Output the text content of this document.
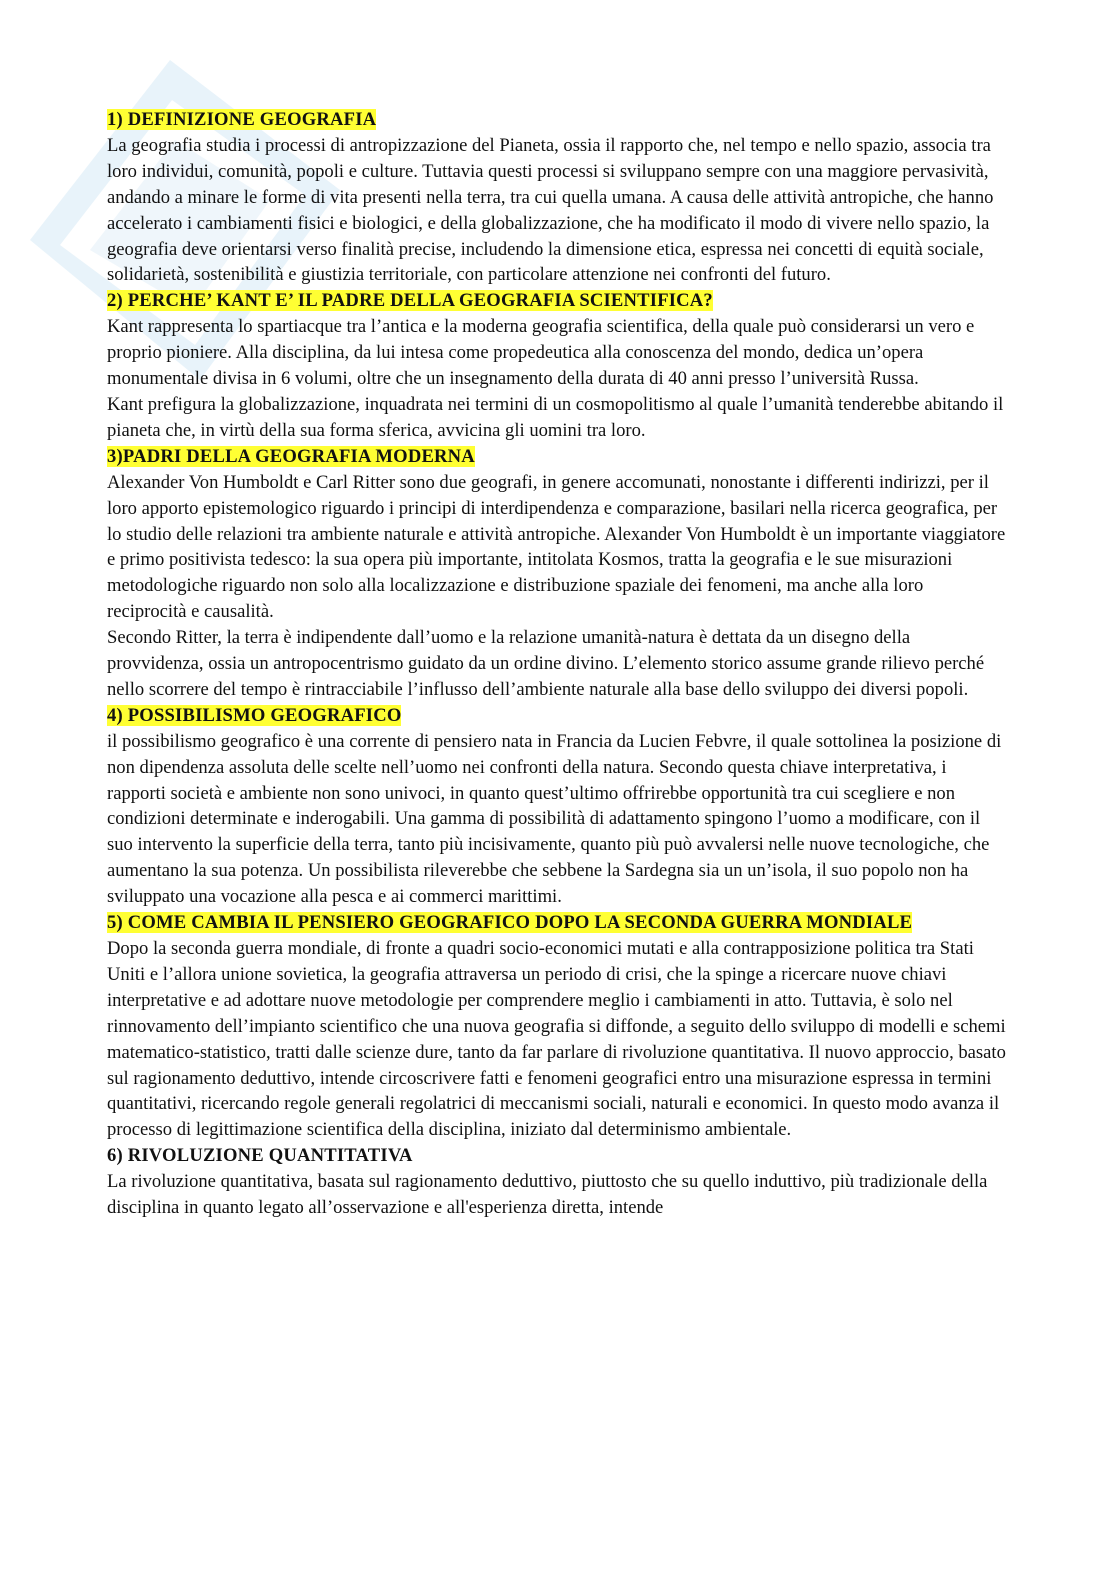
1) DEFINIZIONE GEOGRAFIA

La geografia studia i processi di antropizzazione del Pianeta, ossia il rapporto che, nel tempo e nello spazio, associa tra loro individui, comunità, popoli e culture. Tuttavia questi processi si sviluppano sempre con una maggiore pervasività, andando a minare le forme di vita presenti nella terra, tra cui quella umana. A causa delle attività antropiche, che hanno accelerato i cambiamenti fisici e biologici, e della globalizzazione, che ha modificato il modo di vivere nello spazio, la geografia deve orientarsi verso finalità precise, includendo la dimensione etica, espressa nei concetti di equità sociale, solidarietà, sostenibilità e giustizia territoriale, con particolare attenzione nei confronti del futuro.

2) PERCHE’ KANT E’ IL PADRE DELLA GEOGRAFIA SCIENTIFICA?

Kant rappresenta lo spartiacque tra l’antica e la moderna geografia scientifica, della quale può considerarsi un vero e proprio pioniere. Alla disciplina, da lui intesa come propedeutica alla conoscenza del mondo, dedica un’opera monumentale divisa in 6 volumi, oltre che un insegnamento della durata di 40 anni presso l’università Russa.

Kant prefigura la globalizzazione, inquadrata nei termini di un cosmopolitismo al quale l’umanità tenderebbe abitando il pianeta che, in virtù della sua forma sferica, avvicina gli uomini tra loro.

3)PADRI DELLA GEOGRAFIA MODERNA

Alexander Von Humboldt e Carl Ritter sono due geografi, in genere accomunati, nonostante i differenti indirizzi, per il loro apporto epistemologico riguardo i principi di interdipendenza e comparazione, basilari nella ricerca geografica, per lo studio delle relazioni tra ambiente naturale e attività antropiche. Alexander Von Humboldt è un importante viaggiatore e primo positivista tedesco: la sua opera più importante, intitolata Kosmos, tratta la geografia e le sue misurazioni metodologiche riguardo non solo alla localizzazione e distribuzione spaziale dei fenomeni, ma anche alla loro reciprocità e causalità.

Secondo Ritter, la terra è indipendente dall’uomo e la relazione umanità-natura è dettata da un disegno della provvidenza, ossia un antropocentrismo guidato da un ordine divino. L’elemento storico assume grande rilievo perché nello scorrere del tempo è rintracciabile l’influsso dell’ambiente naturale alla base dello sviluppo dei diversi popoli.

4) POSSIBILISMO GEOGRAFICO

il possibilismo geografico è una corrente di pensiero nata in Francia da Lucien Febvre, il quale sottolinea la posizione di non dipendenza assoluta delle scelte nell’uomo nei confronti della natura. Secondo questa chiave interpretativa, i rapporti società e ambiente non sono univoci, in quanto quest’ultimo offrirebbe opportunità tra cui scegliere e non condizioni determinate e inderogabili. Una gamma di possibilità di adattamento spingono l’uomo a modificare, con il suo intervento la superficie della terra, tanto più incisivamente, quanto più può avvalersi nelle nuove tecnologiche, che aumentano la sua potenza. Un possibilista rileverebbe che sebbene la Sardegna sia un un’isola, il suo popolo non ha sviluppato una vocazione alla pesca e ai commerci marittimi.

5) COME CAMBIA IL PENSIERO GEOGRAFICO DOPO LA SECONDA GUERRA MONDIALE

Dopo la seconda guerra mondiale, di fronte a quadri socio-economici mutati e alla contrapposizione politica tra Stati Uniti e l’allora unione sovietica, la geografia attraversa un periodo di crisi, che la spinge a ricercare nuove chiavi interpretative e ad adottare nuove metodologie per comprendere meglio i cambiamenti in atto. Tuttavia, è solo nel rinnovamento dell’impianto scientifico che una nuova geografia si diffonde, a seguito dello sviluppo di modelli e schemi matematico-statistico, tratti dalle scienze dure, tanto da far parlare di rivoluzione quantitativa. Il nuovo approccio, basato sul ragionamento deduttivo, intende circoscrivere fatti e fenomeni geografici entro una misurazione espressa in termini quantitativi, ricercando regole generali regolatrici di meccanismi sociali, naturali e economici. In questo modo avanza il processo di legittimazione scientifica della disciplina, iniziato dal determinismo ambientale.

6) RIVOLUZIONE QUANTITATIVA

La rivoluzione quantitativa, basata sul ragionamento deduttivo, piuttosto che su quello induttivo, più tradizionale della disciplina in quanto legato all’osservazione e all'esperienza diretta, intende
